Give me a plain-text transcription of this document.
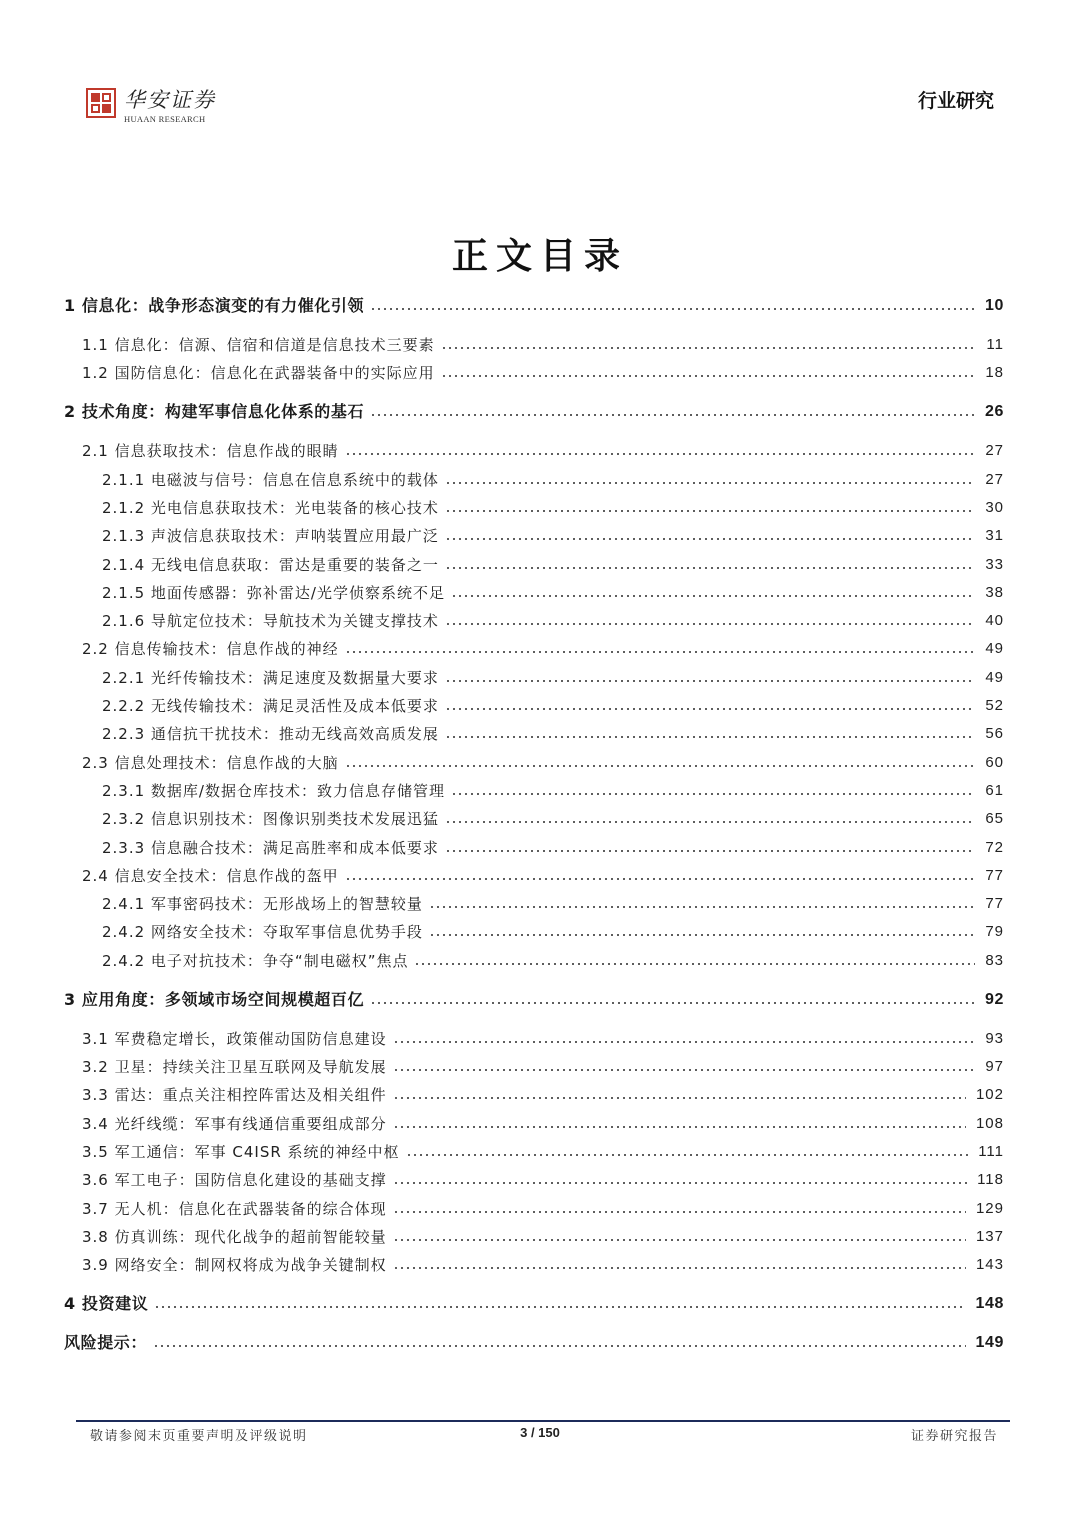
华安证券
HUAAN RESEARCH
行业研究
正文目录
1 信息化：战争形态演变的有力催化引领	10
1.1 信息化：信源、信宿和信道是信息技术三要素	11
1.2 国防信息化：信息化在武器装备中的实际应用	18
2 技术角度：构建军事信息化体系的基石	26
2.1 信息获取技术：信息作战的眼睛	27
2.1.1 电磁波与信号：信息在信息系统中的载体	27
2.1.2 光电信息获取技术：光电装备的核心技术	30
2.1.3 声波信息获取技术：声呐装置应用最广泛	31
2.1.4 无线电信息获取：雷达是重要的装备之一	33
2.1.5 地面传感器：弥补雷达/光学侦察系统不足	38
2.1.6 导航定位技术：导航技术为关键支撑技术	40
2.2 信息传输技术：信息作战的神经	49
2.2.1 光纤传输技术：满足速度及数据量大要求	49
2.2.2 无线传输技术：满足灵活性及成本低要求	52
2.2.3 通信抗干扰技术：推动无线高效高质发展	56
2.3 信息处理技术：信息作战的大脑	60
2.3.1 数据库/数据仓库技术：致力信息存储管理	61
2.3.2 信息识别技术：图像识别类技术发展迅猛	65
2.3.3 信息融合技术：满足高胜率和成本低要求	72
2.4 信息安全技术：信息作战的盔甲	77
2.4.1 军事密码技术：无形战场上的智慧较量	77
2.4.2 网络安全技术：夺取军事信息优势手段	79
2.4.2 电子对抗技术：争夺“制电磁权”焦点	83
3 应用角度：多领域市场空间规模超百亿	92
3.1 军费稳定增长，政策催动国防信息建设	93
3.2 卫星：持续关注卫星互联网及导航发展	97
3.3 雷达：重点关注相控阵雷达及相关组件	102
3.4 光纤线缆：军事有线通信重要组成部分	108
3.5 军工通信：军事 C4ISR 系统的神经中枢	111
3.6 军工电子：国防信息化建设的基础支撑	118
3.7 无人机：信息化在武器装备的综合体现	129
3.8 仿真训练：现代化战争的超前智能较量	137
3.9 网络安全：制网权将成为战争关键制权	143
4 投资建议	148
风险提示：	149
敬请参阅末页重要声明及评级说明	3 / 150	证券研究报告
